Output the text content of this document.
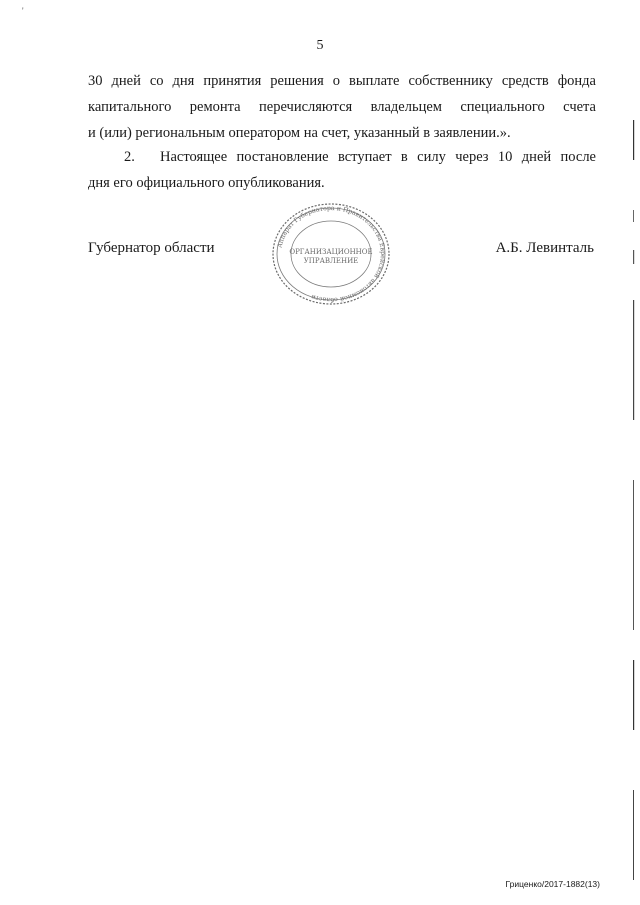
'
5
30 дней со дня принятия решения о выплате собственнику средств фонда
капитального ремонта перечисляются владельцем специального счета
и (или) региональным оператором на счет, указанный в заявлении.».
2. Настоящее постановление вступает в силу через 10 дней после
дня его официального опубликования.
Губернатор области	Аппарат Губернатора и Правительства Еврейской автономной области
ОРГАНИЗАЦИОННОЕ
УПРАВЛЕНИЕ
А.Б. Левинталь
Гриценко/2017-1882(13)
